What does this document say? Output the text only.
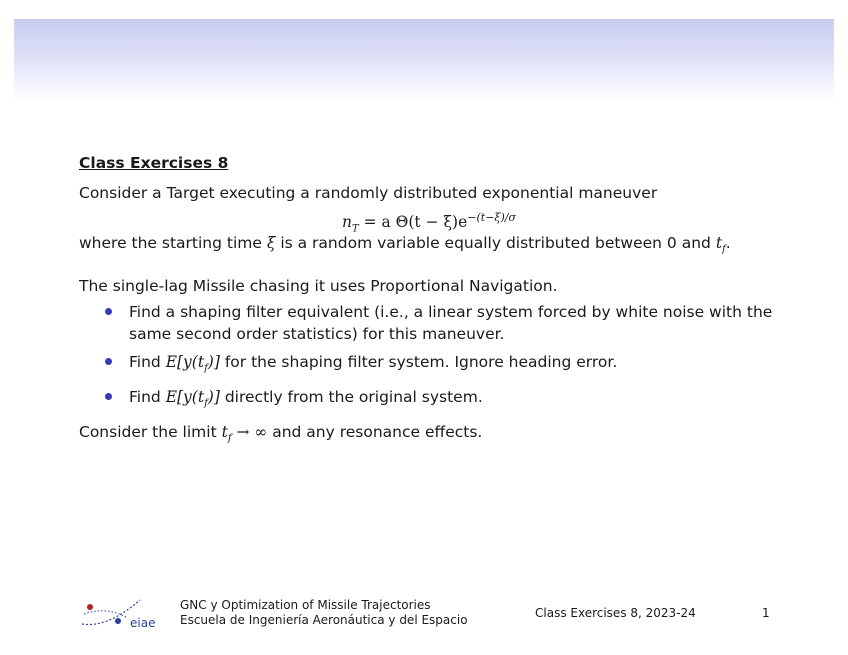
Class Exercises 8

Consider a Target executing a randomly distributed exponential maneuver

$n_T = a$ $\Theta(t - \xi)e^{-(t-\xi)/\sigma}$

where the starting time ξ is a random variable equally distributed between 0 and $t_f$.

The single-lag Missile chasing it uses Proportional Navigation.

Find a shaping filter equivalent (i.e., a linear system forced by white noise with the same second order statistics) for this maneuver.
Find $E[y(t_f)]$ for the shaping filter system. Ignore heading error.
Find $E[y(t_f)]$ directly from the original system.

Consider the limit $t_f$ → ∞ and any resonance effects.

eiae
GNC y Optimization of Missile Trajectories
Escuela de Ingeniería Aeronáutica y del Espacio	Class Exercises 8, 2023-24	1
